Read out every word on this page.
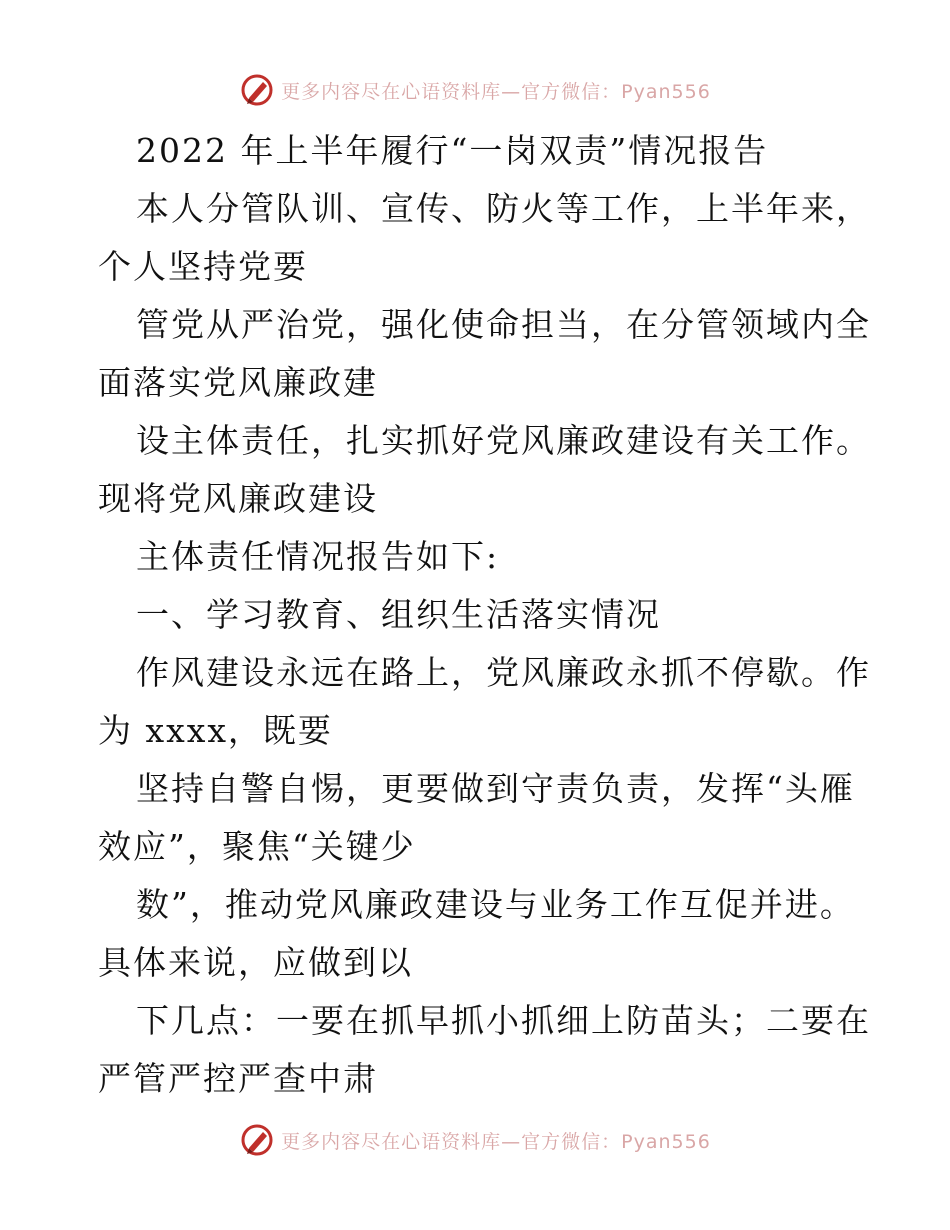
更多内容尽在心语资料库—官方微信：Pyan556
2022 年上半年履行“一岗双责”情况报告
本人分管队训、宣传、防火等工作，上半年来，
个人坚持党要
管党从严治党，强化使命担当，在分管领域内全
面落实党风廉政建
设主体责任，扎实抓好党风廉政建设有关工作。
现将党风廉政建设
主体责任情况报告如下:
一、学习教育、组织生活落实情况
作风建设永远在路上，党风廉政永抓不停歇。作
为 xxxx，既要
坚持自警自惕，更要做到守责负责，发挥“头雁
效应”，聚焦“关键少
数”，推动党风廉政建设与业务工作互促并进。
具体来说，应做到以
下几点：一要在抓早抓小抓细上防苗头；二要在
严管严控严查中肃
更多内容尽在心语资料库—官方微信：Pyan556
